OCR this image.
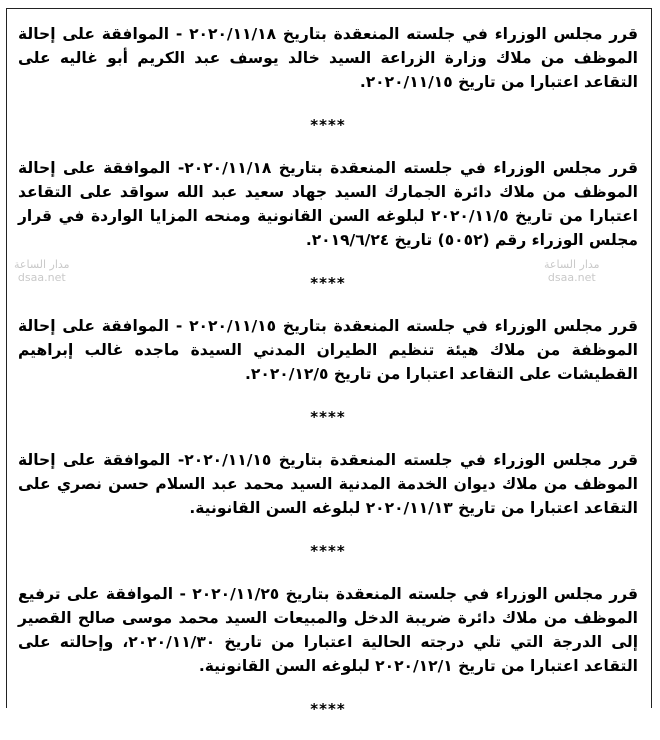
قرر مجلس الوزراء في جلسته المنعقدة بتاريخ ٢٠٢٠/١١/١٨ - الموافقة على إحالة الموظف من ملاك وزارة الزراعة السيد خالد يوسف عبد الكريم أبو غاليه على التقاعد اعتبارا من تاريخ ٢٠٢٠/١١/١٥.

****

قرر مجلس الوزراء في جلسته المنعقدة بتاريخ ٢٠٢٠/١١/١٨- الموافقة على إحالة الموظف من ملاك دائرة الجمارك السيد جهاد سعيد عبد الله سواقد على التقاعد اعتبارا من تاريخ ٢٠٢٠/١١/٥ لبلوغه السن القانونية ومنحه المزايا الواردة في قرار مجلس الوزراء رقم (٥٠٥٢) تاريخ ٢٠١٩/٦/٢٤.

****

قرر مجلس الوزراء في جلسته المنعقدة بتاريخ ٢٠٢٠/١١/١٥ - الموافقة على إحالة الموظفة من ملاك هيئة تنظيم الطيران المدني السيدة ماجده غالب إبراهيم القطيشات على التقاعد اعتبارا من تاريخ ٢٠٢٠/١٢/٥.

****

قرر مجلس الوزراء في جلسته المنعقدة بتاريخ ٢٠٢٠/١١/١٥- الموافقة على إحالة الموظف من ملاك ديوان الخدمة المدنية السيد محمد عبد السلام حسن نصري على التقاعد اعتبارا من تاريخ ٢٠٢٠/١١/١٣ لبلوغه السن القانونية.

****

قرر مجلس الوزراء في جلسته المنعقدة بتاريخ ٢٠٢٠/١١/٢٥ - الموافقة على ترفيع الموظف من ملاك دائرة ضريبة الدخل والمبيعات السيد محمد موسى صالح القصير إلى الدرجة التي تلي درجته الحالية اعتبارا من تاريخ ٢٠٢٠/١١/٣٠، وإحالته على التقاعد اعتبارا من تاريخ ٢٠٢٠/١٢/١ لبلوغه السن القانونية.

****
مدار الساعة
dsaa.net
مدار الساعة
dsaa.net
